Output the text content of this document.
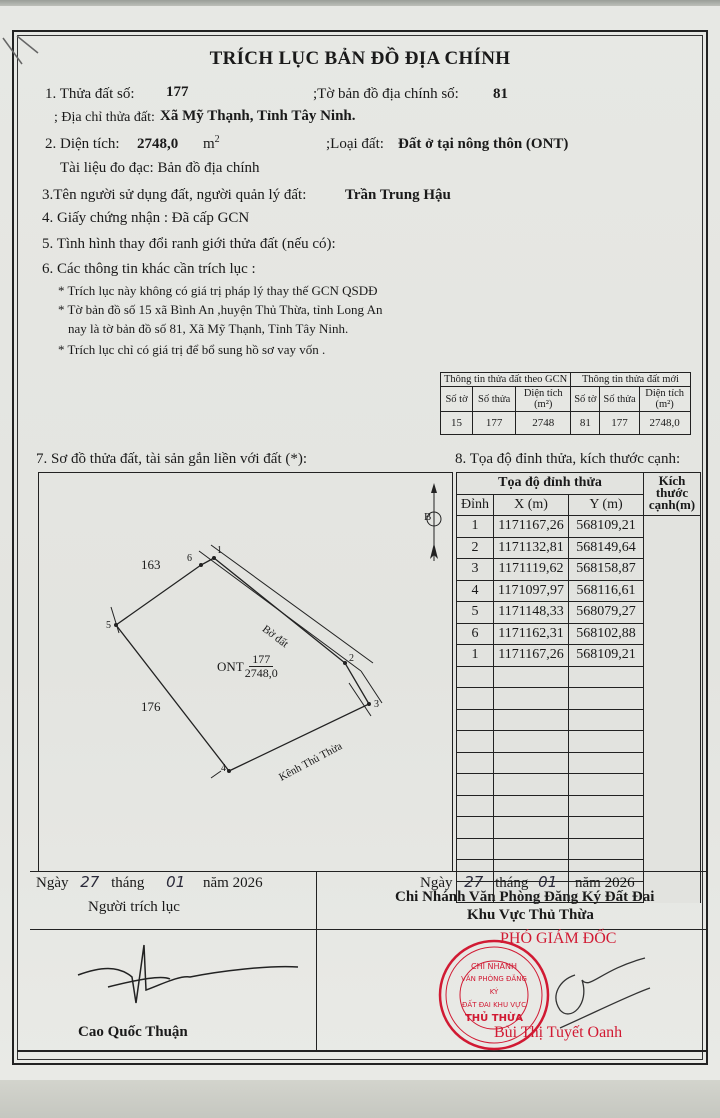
TRÍCH LỤC BẢN ĐỒ ĐỊA CHÍNH
1. Thửa đất số: 177	;Tờ bản đồ địa chính số: 81
; Địa chỉ thửa đất: Xã Mỹ Thạnh, Tỉnh Tây Ninh.
2. Diện tích: 2748,0 $m^2$	;Loại đất: Đất ở tại nông thôn (ONT)
Tài liệu đo đạc: Bản đồ địa chính
3.Tên người sử dụng đất, người quản lý đất:	Trần Trung Hậu
4. Giấy chứng nhận : Đã cấp GCN
5. Tình hình thay đổi ranh giới thửa đất (nếu có):
6. Các thông tin khác cần trích lục :
* Trích lục này không có giá trị pháp lý thay thế GCN QSDĐ
* Tờ bản đồ số 15 xã Bình An ,huyện Thủ Thừa, tỉnh Long An
nay là tờ bản đồ số 81, Xã Mỹ Thạnh, Tỉnh Tây Ninh.
* Trích lục chỉ có giá trị để bổ sung hồ sơ vay vốn .
Thông tin thửa đất theo GCN			Thông tin thửa đất mới		
Số tờ	Số thửa	Diện tích (m²)	Số tờ	Số thửa	Diện tích (m²)
15	177	2748	81	177	2748,0
7. Sơ đồ thửa đất, tài sản gắn liền với đất (*):
B
1
2
3
4
5
6
163
176
ONT 177
2748,0
Bờ đất
Kênh Thủ Thừa
8. Tọa độ đỉnh thửa, kích thước cạnh:
Tọa độ đỉnh thửa			Kích thước cạnh(m)
Đỉnh	X (m)	Y (m)	
1	1171167,26	568109,21	
2	1171132,81	568149,64	
3	1171119,62	568158,87	
4	1171097,97	568116,61	
5	1171148,33	568079,27	
6	1171162,31	568102,88	
1	1171167,26	568109,21	

Ngày 27 tháng 01 năm 2026
Người trích lục
Ngày 27 tháng 01 năm 2026
Chi Nhánh Văn Phòng Đăng Ký Đất Đai
Khu Vực Thủ Thừa
Cao Quốc Thuận
CHI NHÁNH
VĂN PHÒNG ĐĂNG KÝ
ĐẤT ĐAI KHU VỰC
THỦ THỪA
PHÓ GIÁM ĐỐC
Bùi Thị Tuyết Oanh
